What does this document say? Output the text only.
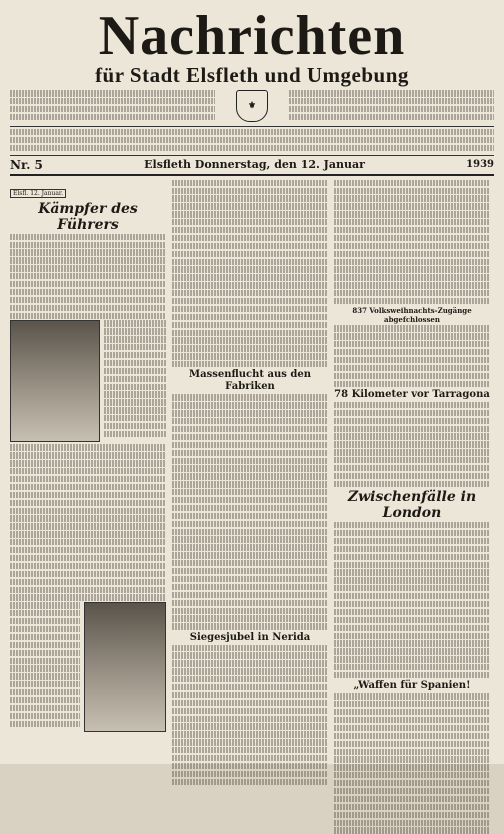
Nachrichten
für Stadt Elsfleth und Umgebung
⚜
Nr. 5	Elsfleth Donnerstag, den 12. Januar	1939
Elsfl. 12. Januar.
Kämpfer des Führers
Massenflucht aus den Fabriken
Siegesjubel in Nerida
837 Volksweihnachts-Zugänge abgefchlossen
78 Kilometer vor Tarragona
Zwischenfälle in London
„Waffen für Spanien!
